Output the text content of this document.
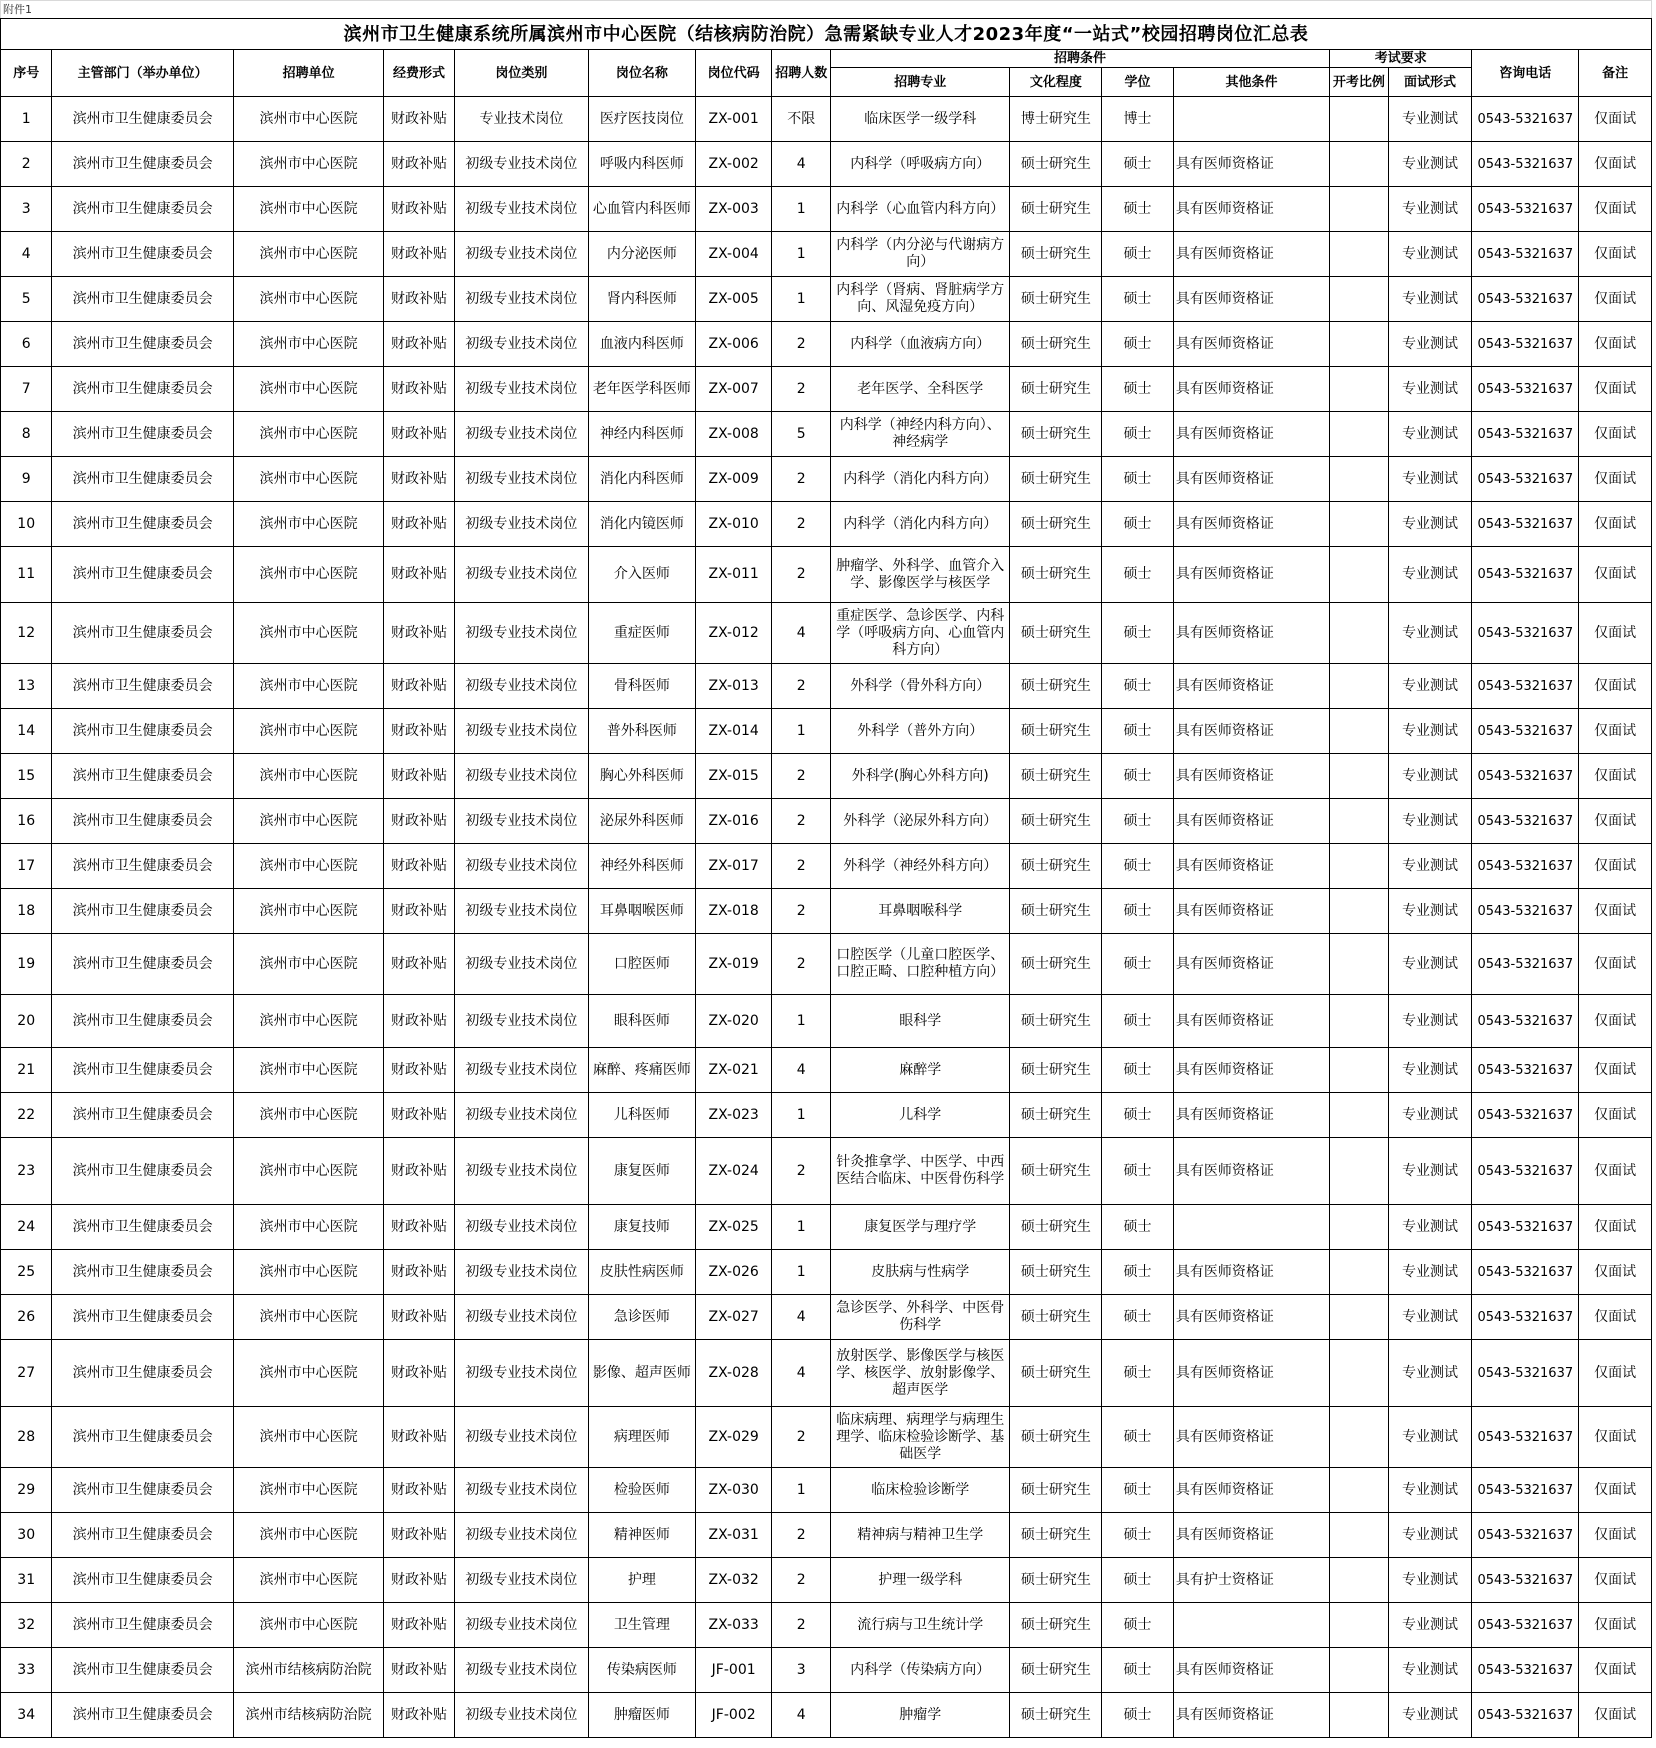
附件1															
滨州市卫生健康系统所属滨州市中心医院（结核病防治院）急需紧缺专业人才2023年度“一站式”校园招聘岗位汇总表															
序号	主管部门（举办单位）	招聘单位	经费形式	岗位类别	岗位名称	岗位代码	招聘人数	招聘条件				考试要求		咨询电话	备注
								招聘专业	文化程度	学位	其他条件	开考比例	面试形式		
1	滨州市卫生健康委员会	滨州市中心医院	财政补贴	专业技术岗位	医疗医技岗位	ZX-001	不限	临床医学一级学科	博士研究生	博士			专业测试	0543-5321637	仅面试
2	滨州市卫生健康委员会	滨州市中心医院	财政补贴	初级专业技术岗位	呼吸内科医师	ZX-002	4	内科学（呼吸病方向）	硕士研究生	硕士	具有医师资格证		专业测试	0543-5321637	仅面试
3	滨州市卫生健康委员会	滨州市中心医院	财政补贴	初级专业技术岗位	心血管内科医师	ZX-003	1	内科学（心血管内科方向）	硕士研究生	硕士	具有医师资格证		专业测试	0543-5321637	仅面试
4	滨州市卫生健康委员会	滨州市中心医院	财政补贴	初级专业技术岗位	内分泌医师	ZX-004	1	内科学（内分泌与代谢病方向）	硕士研究生	硕士	具有医师资格证		专业测试	0543-5321637	仅面试
5	滨州市卫生健康委员会	滨州市中心医院	财政补贴	初级专业技术岗位	肾内科医师	ZX-005	1	内科学（肾病、肾脏病学方向、风湿免疫方向）	硕士研究生	硕士	具有医师资格证		专业测试	0543-5321637	仅面试
6	滨州市卫生健康委员会	滨州市中心医院	财政补贴	初级专业技术岗位	血液内科医师	ZX-006	2	内科学（血液病方向）	硕士研究生	硕士	具有医师资格证		专业测试	0543-5321637	仅面试
7	滨州市卫生健康委员会	滨州市中心医院	财政补贴	初级专业技术岗位	老年医学科医师	ZX-007	2	老年医学、全科医学	硕士研究生	硕士	具有医师资格证		专业测试	0543-5321637	仅面试
8	滨州市卫生健康委员会	滨州市中心医院	财政补贴	初级专业技术岗位	神经内科医师	ZX-008	5	内科学（神经内科方向）、神经病学	硕士研究生	硕士	具有医师资格证		专业测试	0543-5321637	仅面试
9	滨州市卫生健康委员会	滨州市中心医院	财政补贴	初级专业技术岗位	消化内科医师	ZX-009	2	内科学（消化内科方向）	硕士研究生	硕士	具有医师资格证		专业测试	0543-5321637	仅面试
10	滨州市卫生健康委员会	滨州市中心医院	财政补贴	初级专业技术岗位	消化内镜医师	ZX-010	2	内科学（消化内科方向）	硕士研究生	硕士	具有医师资格证		专业测试	0543-5321637	仅面试
11	滨州市卫生健康委员会	滨州市中心医院	财政补贴	初级专业技术岗位	介入医师	ZX-011	2	肿瘤学、外科学、血管介入学、影像医学与核医学	硕士研究生	硕士	具有医师资格证		专业测试	0543-5321637	仅面试
12	滨州市卫生健康委员会	滨州市中心医院	财政补贴	初级专业技术岗位	重症医师	ZX-012	4	重症医学、急诊医学、内科学（呼吸病方向、心血管内科方向）	硕士研究生	硕士	具有医师资格证		专业测试	0543-5321637	仅面试
13	滨州市卫生健康委员会	滨州市中心医院	财政补贴	初级专业技术岗位	骨科医师	ZX-013	2	外科学（骨外科方向）	硕士研究生	硕士	具有医师资格证		专业测试	0543-5321637	仅面试
14	滨州市卫生健康委员会	滨州市中心医院	财政补贴	初级专业技术岗位	普外科医师	ZX-014	1	外科学（普外方向）	硕士研究生	硕士	具有医师资格证		专业测试	0543-5321637	仅面试
15	滨州市卫生健康委员会	滨州市中心医院	财政补贴	初级专业技术岗位	胸心外科医师	ZX-015	2	外科学(胸心外科方向)	硕士研究生	硕士	具有医师资格证		专业测试	0543-5321637	仅面试
16	滨州市卫生健康委员会	滨州市中心医院	财政补贴	初级专业技术岗位	泌尿外科医师	ZX-016	2	外科学（泌尿外科方向）	硕士研究生	硕士	具有医师资格证		专业测试	0543-5321637	仅面试
17	滨州市卫生健康委员会	滨州市中心医院	财政补贴	初级专业技术岗位	神经外科医师	ZX-017	2	外科学（神经外科方向）	硕士研究生	硕士	具有医师资格证		专业测试	0543-5321637	仅面试
18	滨州市卫生健康委员会	滨州市中心医院	财政补贴	初级专业技术岗位	耳鼻咽喉医师	ZX-018	2	耳鼻咽喉科学	硕士研究生	硕士	具有医师资格证		专业测试	0543-5321637	仅面试
19	滨州市卫生健康委员会	滨州市中心医院	财政补贴	初级专业技术岗位	口腔医师	ZX-019	2	口腔医学（儿童口腔医学、口腔正畸、口腔种植方向）	硕士研究生	硕士	具有医师资格证		专业测试	0543-5321637	仅面试
20	滨州市卫生健康委员会	滨州市中心医院	财政补贴	初级专业技术岗位	眼科医师	ZX-020	1	眼科学	硕士研究生	硕士	具有医师资格证		专业测试	0543-5321637	仅面试
21	滨州市卫生健康委员会	滨州市中心医院	财政补贴	初级专业技术岗位	麻醉、疼痛医师	ZX-021	4	麻醉学	硕士研究生	硕士	具有医师资格证		专业测试	0543-5321637	仅面试
22	滨州市卫生健康委员会	滨州市中心医院	财政补贴	初级专业技术岗位	儿科医师	ZX-023	1	儿科学	硕士研究生	硕士	具有医师资格证		专业测试	0543-5321637	仅面试
23	滨州市卫生健康委员会	滨州市中心医院	财政补贴	初级专业技术岗位	康复医师	ZX-024	2	针灸推拿学、中医学、中西医结合临床、中医骨伤科学	硕士研究生	硕士	具有医师资格证		专业测试	0543-5321637	仅面试
24	滨州市卫生健康委员会	滨州市中心医院	财政补贴	初级专业技术岗位	康复技师	ZX-025	1	康复医学与理疗学	硕士研究生	硕士			专业测试	0543-5321637	仅面试
25	滨州市卫生健康委员会	滨州市中心医院	财政补贴	初级专业技术岗位	皮肤性病医师	ZX-026	1	皮肤病与性病学	硕士研究生	硕士	具有医师资格证		专业测试	0543-5321637	仅面试
26	滨州市卫生健康委员会	滨州市中心医院	财政补贴	初级专业技术岗位	急诊医师	ZX-027	4	急诊医学、外科学、中医骨伤科学	硕士研究生	硕士	具有医师资格证		专业测试	0543-5321637	仅面试
27	滨州市卫生健康委员会	滨州市中心医院	财政补贴	初级专业技术岗位	影像、超声医师	ZX-028	4	放射医学、影像医学与核医学、核医学、放射影像学、超声医学	硕士研究生	硕士	具有医师资格证		专业测试	0543-5321637	仅面试
28	滨州市卫生健康委员会	滨州市中心医院	财政补贴	初级专业技术岗位	病理医师	ZX-029	2	临床病理、病理学与病理生理学、临床检验诊断学、基础医学	硕士研究生	硕士	具有医师资格证		专业测试	0543-5321637	仅面试
29	滨州市卫生健康委员会	滨州市中心医院	财政补贴	初级专业技术岗位	检验医师	ZX-030	1	临床检验诊断学	硕士研究生	硕士	具有医师资格证		专业测试	0543-5321637	仅面试
30	滨州市卫生健康委员会	滨州市中心医院	财政补贴	初级专业技术岗位	精神医师	ZX-031	2	精神病与精神卫生学	硕士研究生	硕士	具有医师资格证		专业测试	0543-5321637	仅面试
31	滨州市卫生健康委员会	滨州市中心医院	财政补贴	初级专业技术岗位	护理	ZX-032	2	护理一级学科	硕士研究生	硕士	具有护士资格证		专业测试	0543-5321637	仅面试
32	滨州市卫生健康委员会	滨州市中心医院	财政补贴	初级专业技术岗位	卫生管理	ZX-033	2	流行病与卫生统计学	硕士研究生	硕士			专业测试	0543-5321637	仅面试
33	滨州市卫生健康委员会	滨州市结核病防治院	财政补贴	初级专业技术岗位	传染病医师	JF-001	3	内科学（传染病方向）	硕士研究生	硕士	具有医师资格证		专业测试	0543-5321637	仅面试
34	滨州市卫生健康委员会	滨州市结核病防治院	财政补贴	初级专业技术岗位	肿瘤医师	JF-002	4	肿瘤学	硕士研究生	硕士	具有医师资格证		专业测试	0543-5321637	仅面试
